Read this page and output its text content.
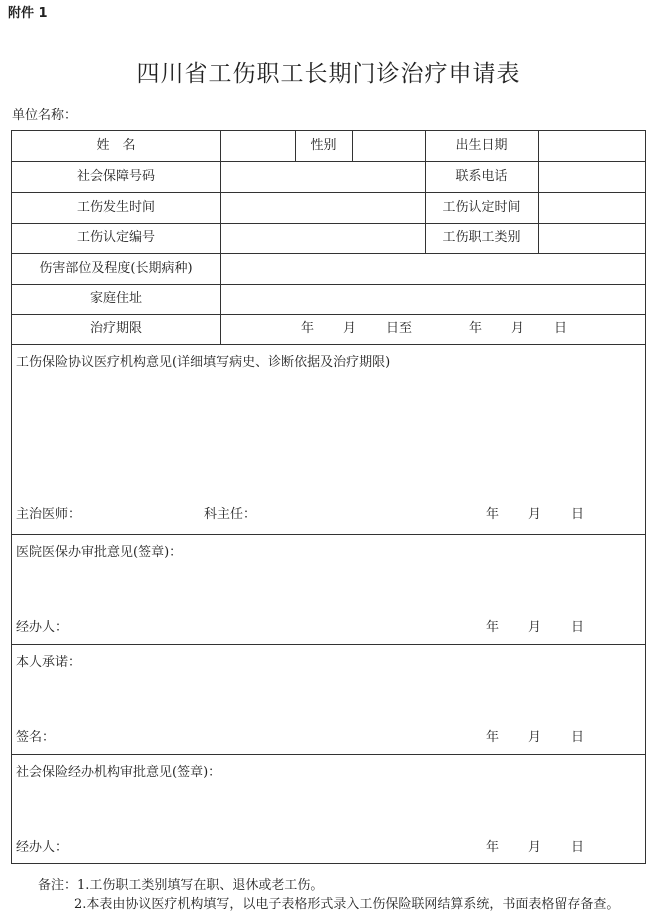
附件 1
四川省工伤职工长期门诊治疗申请表
单位名称：
姓　名	性别	出生日期
社会保障号码	联系电话
工伤发生时间	工伤认定时间
工伤认定编号	工伤职工类别
伤害部位及程度(长期病种)
家庭住址
治疗期限	年 月 日至	年 月 日
工伤保险协议医疗机构意见(详细填写病史、诊断依据及治疗期限)
主治医师：	科主任：	年 月 日
医院医保办审批意见(签章)：
经办人：	年 月 日
本人承诺：
签名：	年 月 日
社会保险经办机构审批意见(签章)：
经办人：	年 月 日
备注：1.工伤职工类别填写在职、退休或老工伤。
2.本表由协议医疗机构填写，以电子表格形式录入工伤保险联网结算系统，书面表格留存备查。
